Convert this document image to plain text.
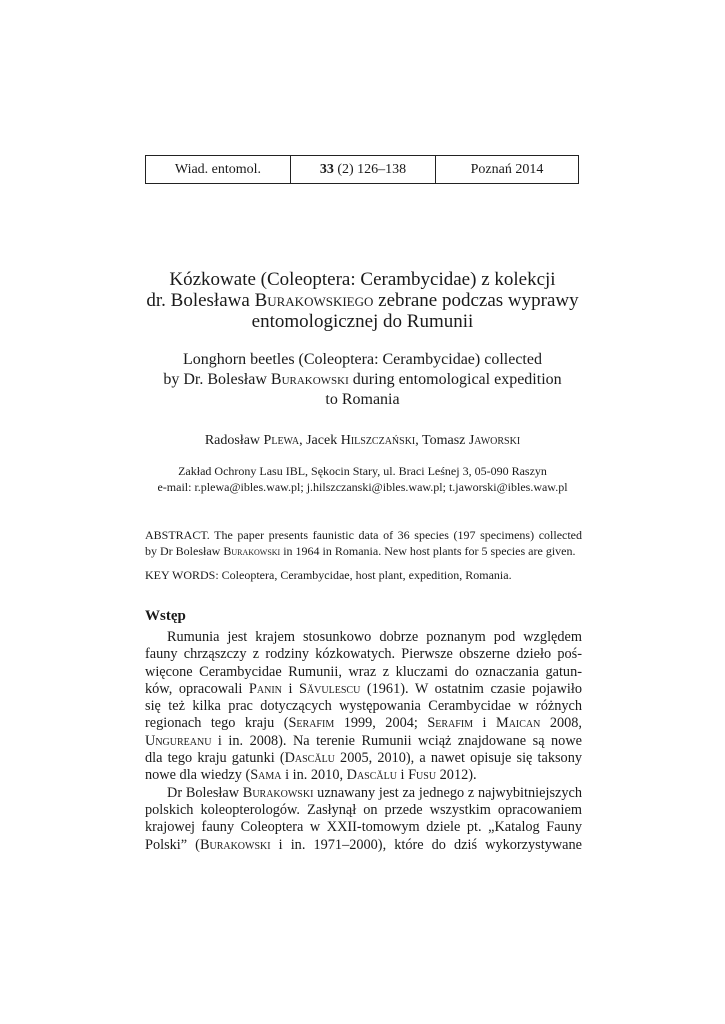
Wiad. entomol.	33 (2) 126–138	Poznań 2014
Kózkowate (Coleoptera: Cerambycidae) z kolekcji
dr. Bolesława Burakowskiego zebrane podczas wyprawy
entomologicznej do Rumunii
Longhorn beetles (Coleoptera: Cerambycidae) collected
by Dr. Bolesław Burakowski during entomological expedition
to Romania
Radosław Plewa, Jacek Hilszczański, Tomasz Jaworski
Zakład Ochrony Lasu IBL, Sękocin Stary, ul. Braci Leśnej 3, 05-090 Raszyn
e-mail: r.plewa@ibles.waw.pl; j.hilszczanski@ibles.waw.pl; t.jaworski@ibles.waw.pl
ABSTRACT. The paper presents faunistic data of 36 species (197 specimens) collected
by Dr Bolesław Burakowski in 1964 in Romania. New host plants for 5 species are given.
KEY WORDS: Coleoptera, Cerambycidae, host plant, expedition, Romania.
Wstęp
Rumunia jest krajem stosunkowo dobrze poznanym pod względem
fauny chrząszczy z rodziny kózkowatych. Pierwsze obszerne dzieło poś-
więcone Cerambycidae Rumunii, wraz z kluczami do oznaczania gatun-
ków, opracowali Panin i Săvulescu (1961). W ostatnim czasie pojawiło
się też kilka prac dotyczących występowania Cerambycidae w różnych
regionach tego kraju (Serafim 1999, 2004; Serafim i Maican 2008,
Ungureanu i in. 2008). Na terenie Rumunii wciąż znajdowane są nowe
dla tego kraju gatunki (Dascălu 2005, 2010), a nawet opisuje się taksony
nowe dla wiedzy (Sama i in. 2010, Dascălu i Fusu 2012).
Dr Bolesław Burakowski uznawany jest za jednego z najwybitniejszych
polskich koleopterologów. Zasłynął on przede wszystkim opracowaniem
krajowej fauny Coleoptera w XXII-tomowym dziele pt. „Katalog Fauny
Polski” (Burakowski i in. 1971–2000), które do dziś wykorzystywane
